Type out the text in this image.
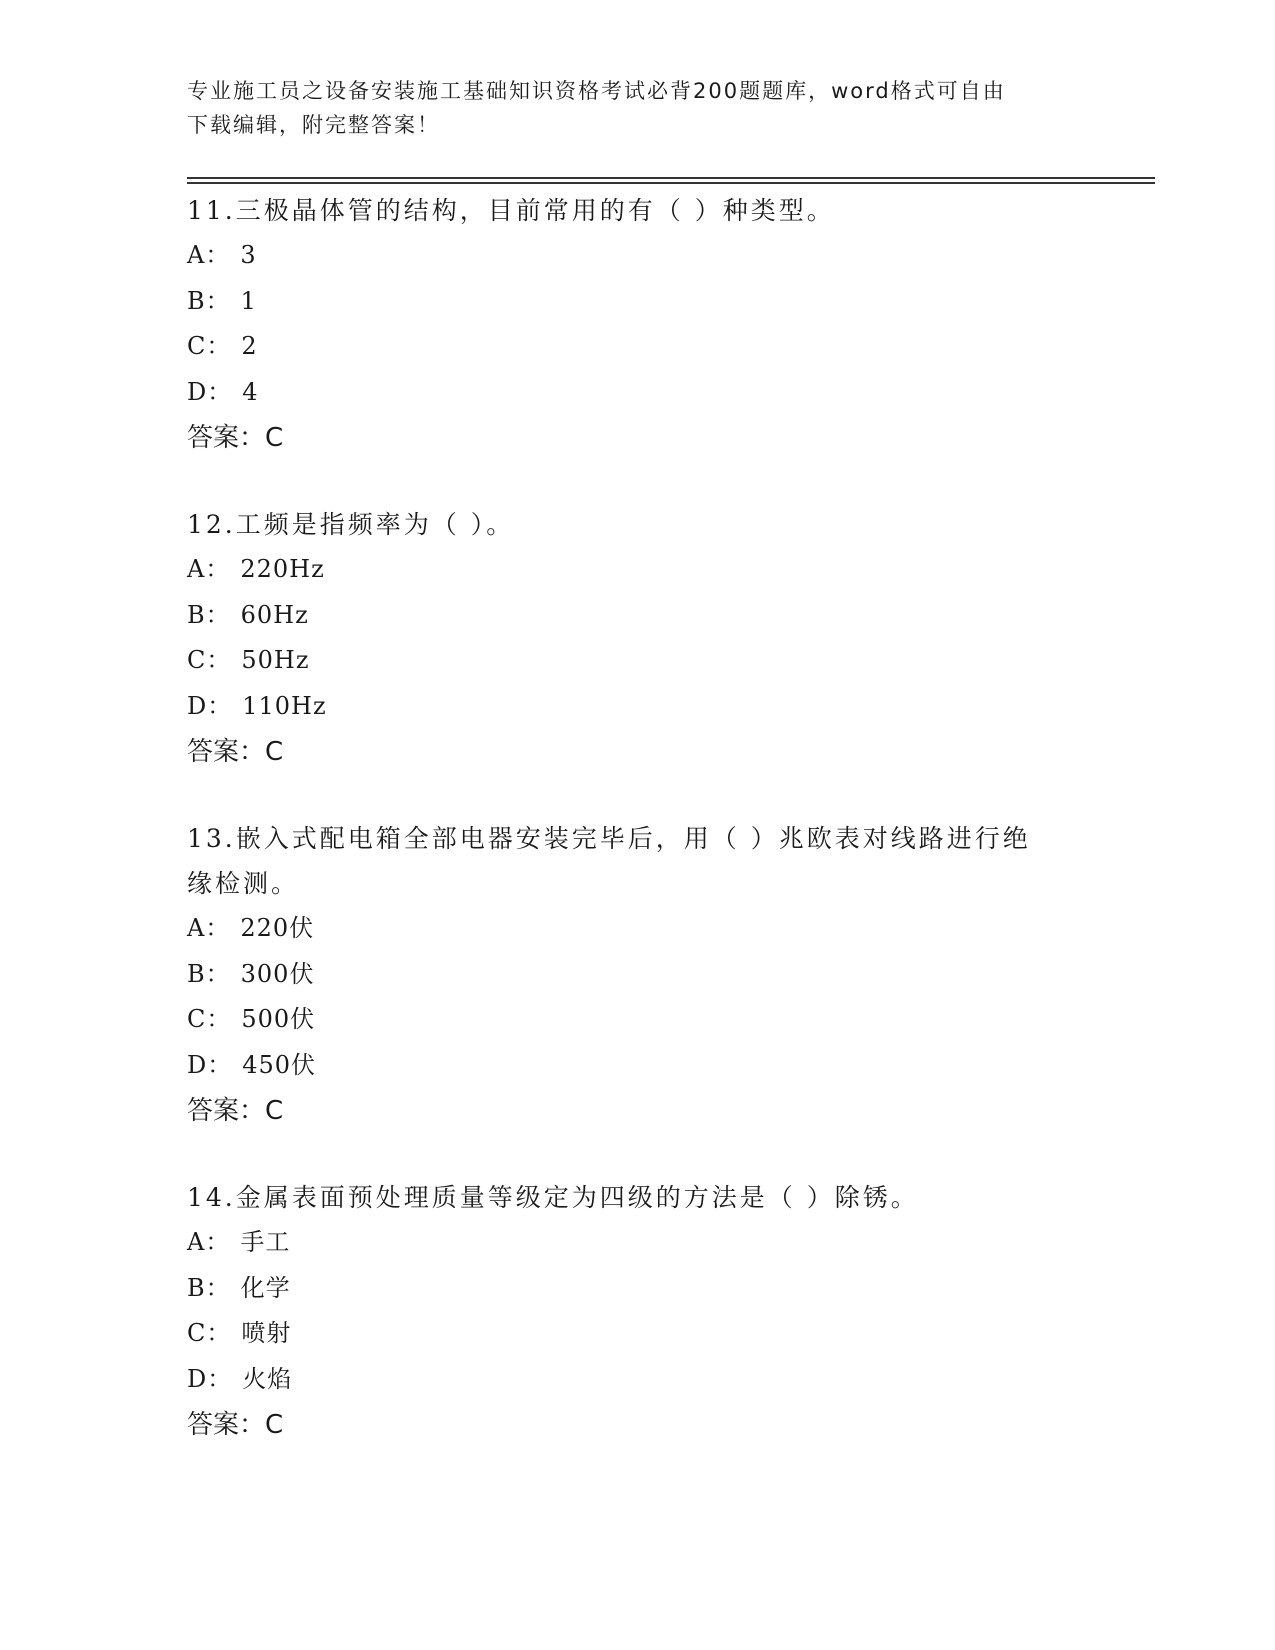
专业施工员之设备安装施工基础知识资格考试必背200题题库，word格式可自由
下载编辑，附完整答案！

11.三极晶体管的结构，目前常用的有（ ）种类型。

A： 3

B： 1

C： 2

D： 4

答案：C

12.工频是指频率为（ ）。

A： 220Hz

B： 60Hz

C： 50Hz

D： 110Hz

答案：C

13.嵌入式配电箱全部电器安装完毕后，用（ ）兆欧表对线路进行绝缘检测。

A： 220伏

B： 300伏

C： 500伏

D： 450伏

答案：C

14.金属表面预处理质量等级定为四级的方法是（ ）除锈。

A： 手工

B： 化学

C： 喷射

D： 火焰

答案：C
